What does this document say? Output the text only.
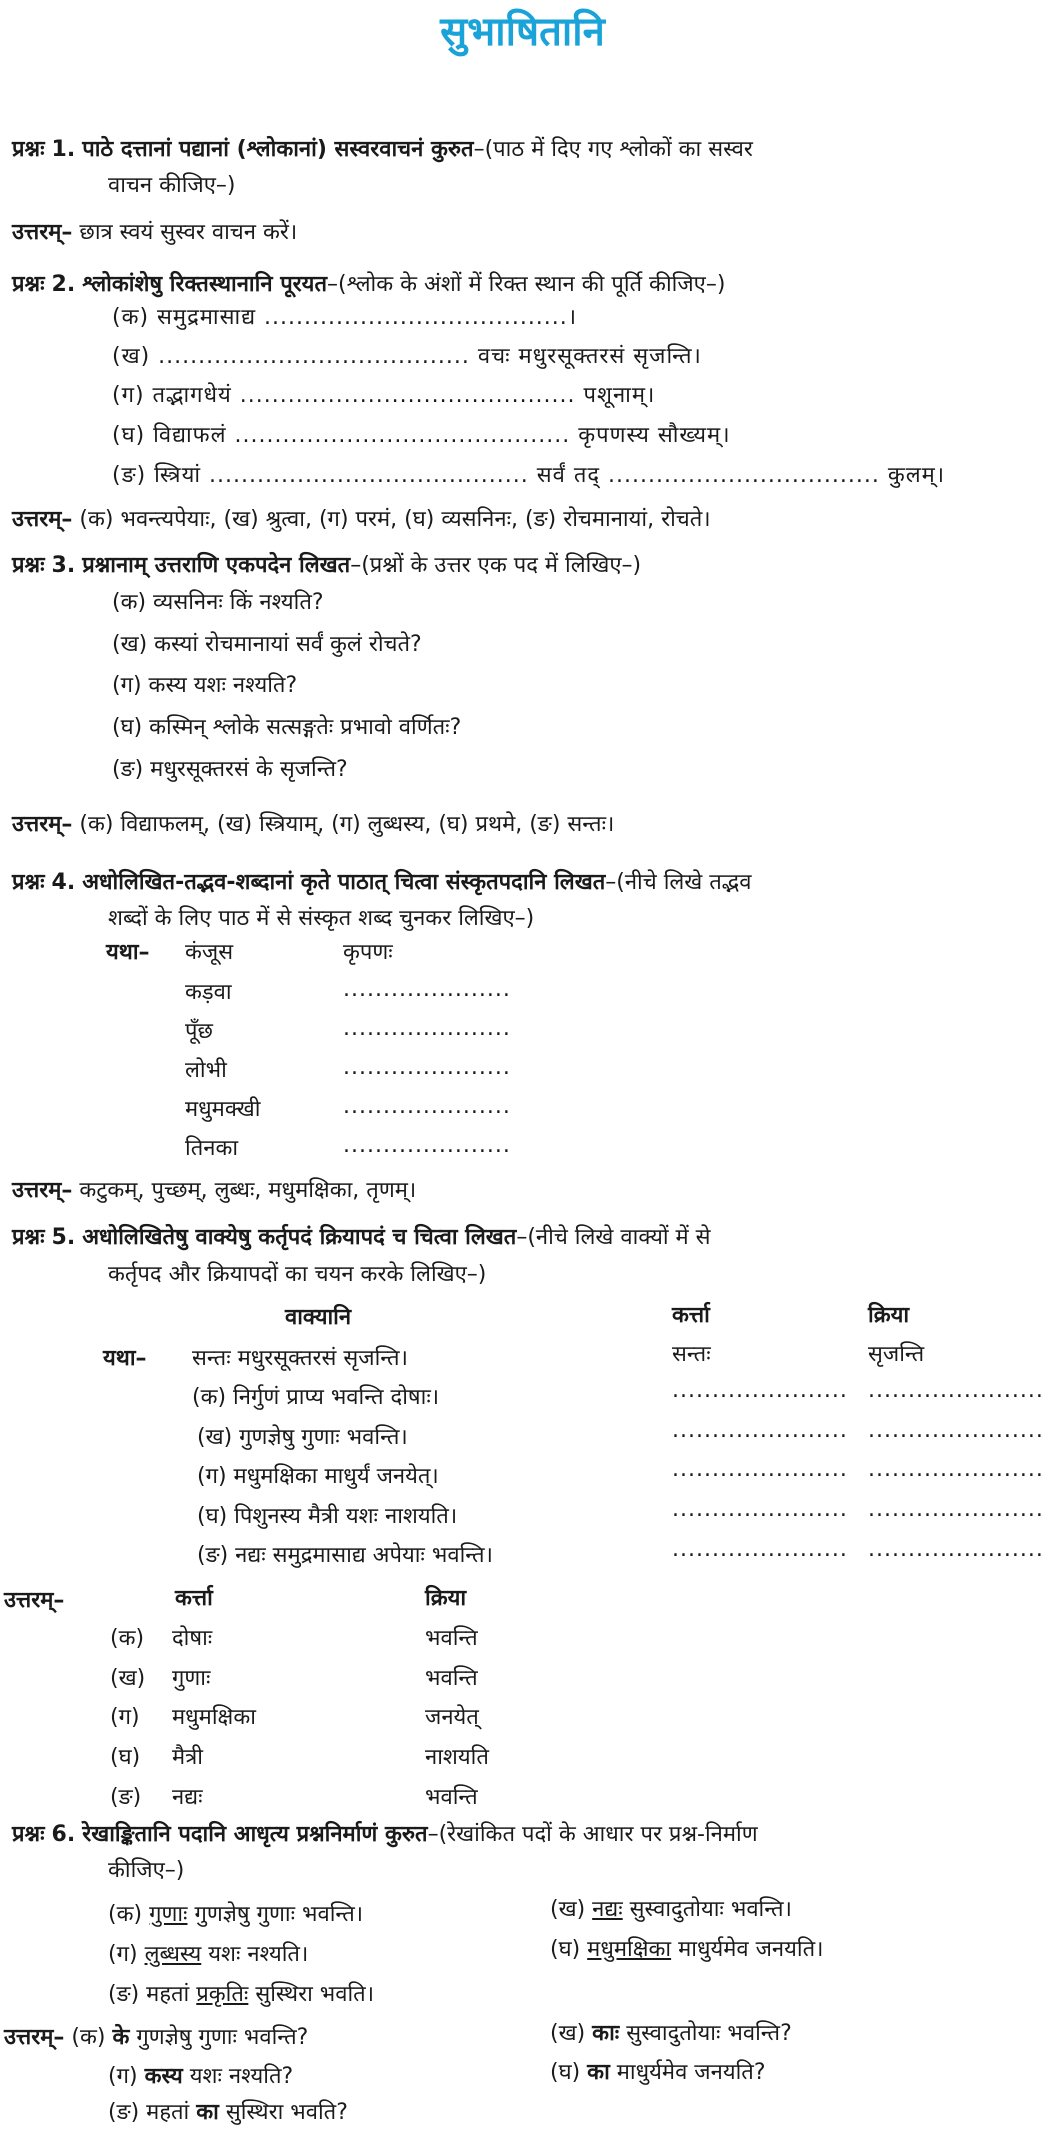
सुभाषितानि
प्रश्नः 1. पाठे दत्तानां पद्यानां (श्लोकानां) सस्वरवाचनं कुरुत–(पाठ में दिए गए श्लोकों का सस्वर
वाचन कीजिए–)
उत्तरम्– छात्र स्वयं सुस्वर वाचन करें।
प्रश्नः 2. श्लोकांशेषु रिक्तस्थानानि पूरयत–(श्लोक के अंशों में रिक्त स्थान की पूर्ति कीजिए–)
(क) समुद्रमासाद्य ......................................।
(ख) ....................................... वचः मधुरसूक्तरसं सृजन्ति।
(ग) तद्भागधेयं .......................................... पशूनाम्।
(घ) विद्याफलं .......................................... कृपणस्य सौख्यम्।
(ङ) स्त्रियां ........................................ सर्वं तद् .................................. कुलम्।
उत्तरम्– (क) भवन्त्यपेयाः, (ख) श्रुत्वा, (ग) परमं, (घ) व्यसनिनः, (ङ) रोचमानायां, रोचते।
प्रश्नः 3. प्रश्नानाम् उत्तराणि एकपदेन लिखत–(प्रश्नों के उत्तर एक पद में लिखिए–)
(क) व्यसनिनः किं नश्यति?
(ख) कस्यां रोचमानायां सर्वं कुलं रोचते?
(ग) कस्य यशः नश्यति?
(घ) कस्मिन् श्लोके सत्सङ्गतेः प्रभावो वर्णितः?
(ङ) मधुरसूक्तरसं के सृजन्ति?
उत्तरम्– (क) विद्याफलम्, (ख) स्त्रियाम्, (ग) लुब्धस्य, (घ) प्रथमे, (ङ) सन्तः।
प्रश्नः 4. अधोलिखित-तद्भव-शब्दानां कृते पाठात् चित्वा संस्कृतपदानि लिखत–(नीचे लिखे तद्भव
शब्दों के लिए पाठ में से संस्कृत शब्द चुनकर लिखिए–)
यथा– कंजूस	कृपणः
कड़वा	.....................
पूँछ	.....................
लोभी	.....................
मधुमक्खी	.....................
तिनका	.....................
उत्तरम्– कटुकम्, पुच्छम्, लुब्धः, मधुमक्षिका, तृणम्।
प्रश्नः 5. अधोलिखितेषु वाक्येषु कर्तृपदं क्रियापदं च चित्वा लिखत–(नीचे लिखे वाक्यों में से
कर्तृपद और क्रियापदों का चयन करके लिखिए–)
वाक्यानि	कर्त्ता	क्रिया
यथा– सन्तः मधुरसूक्तरसं सृजन्ति।	सन्तः	सृजन्ति
(क) निर्गुणं प्राप्य भवन्ति दोषाः।	...................... ......................
(ख) गुणज्ञेषु गुणाः भवन्ति।	...................... ......................
(ग) मधुमक्षिका माधुर्यं जनयेत्।	...................... ......................
(घ) पिशुनस्य मैत्री यशः नाशयति।	...................... ......................
(ङ) नद्यः समुद्रमासाद्य अपेयाः भवन्ति।	...................... ......................
उत्तरम्–	कर्त्ता	क्रिया
(क) दोषाः	भवन्ति
(ख) गुणाः	भवन्ति
(ग) मधुमक्षिका	जनयेत्
(घ) मैत्री	नाशयति
(ङ) नद्यः	भवन्ति
प्रश्नः 6. रेखाङ्कितानि पदानि आधृत्य प्रश्ननिर्माणं कुरुत–(रेखांकित पदों के आधार पर प्रश्न-निर्माण
कीजिए–)
(क) गुणाः गुणज्ञेषु गुणाः भवन्ति।	(ख) नद्यः सुस्वादुतोयाः भवन्ति।
(ग) लुब्धस्य यशः नश्यति।	(घ) मधुमक्षिका माधुर्यमेव जनयति।
(ङ) महतां प्रकृतिः सुस्थिरा भवति।
उत्तरम्– (क) के गुणज्ञेषु गुणाः भवन्ति?	(ख) काः सुस्वादुतोयाः भवन्ति?
(ग) कस्य यशः नश्यति?	(घ) का माधुर्यमेव जनयति?
(ङ) महतां का सुस्थिरा भवति?
